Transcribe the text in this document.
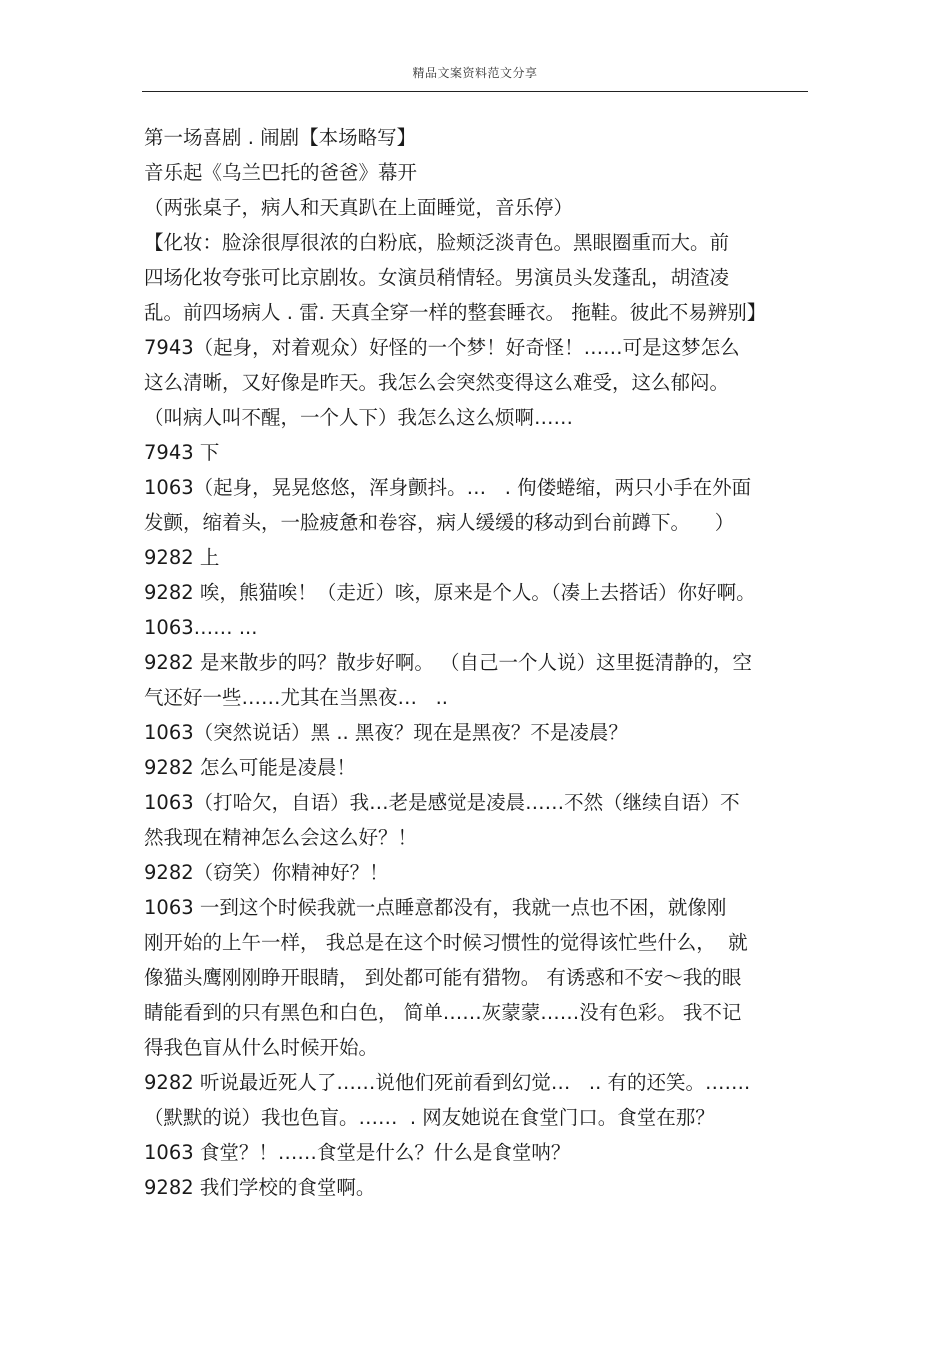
精品文案资料范文分享
第一场喜剧 . 闹剧【本场略写】
音乐起《乌兰巴托的爸爸》幕开
（两张桌子，病人和天真趴在上面睡觉，音乐停）
【化妆：脸涂很厚很浓的白粉底，脸颊泛淡青色。黑眼圈重而大。前
四场化妆夸张可比京剧妆。女演员稍情轻。男演员头发蓬乱，胡渣凌
乱。前四场病人 . 雷. 天真全穿一样的整套睡衣。 拖鞋。彼此不易辨别】
7943（起身，对着观众）好怪的一个梦！好奇怪！……可是这梦怎么
这么清晰，又好像是昨天。我怎么会突然变得这么难受，这么郁闷。
（叫病人叫不醒，一个人下）我怎么这么烦啊……
7943 下
1063（起身，晃晃悠悠，浑身颤抖。…   . 佝偻蜷缩，两只小手在外面
发颤，缩着头，一脸疲惫和卷容，病人缓缓的移动到台前蹲下。    ）
9282 上
9282 唉，熊猫唉！（走近）咳，原来是个人。（凑上去搭话）你好啊。
1063…… ...
9282 是来散步的吗？散步好啊。 （自己一个人说）这里挺清静的，空
气还好一些……尤其在当黑夜…   ..
1063（突然说话）黑 .. 黑夜？现在是黑夜？不是凌晨？
9282 怎么可能是凌晨！
1063（打哈欠，自语）我…老是感觉是凌晨……不然（继续自语）不
然我现在精神怎么会这么好？！
9282（窃笑）你精神好？！
1063 一到这个时候我就一点睡意都没有，我就一点也不困，就像刚
刚开始的上午一样， 我总是在这个时候习惯性的觉得该忙些什么，  就
像猫头鹰刚刚睁开眼睛， 到处都可能有猎物。 有诱惑和不安～我的眼
睛能看到的只有黑色和白色， 简单……灰蒙蒙……没有色彩。 我不记
得我色盲从什么时候开始。
9282 听说最近死人了……说他们死前看到幻觉…   .. 有的还笑。…….
（默默的说）我也色盲。……  . 网友她说在食堂门口。食堂在那？
1063 食堂？！……食堂是什么？什么是食堂呐？
9282 我们学校的食堂啊。
